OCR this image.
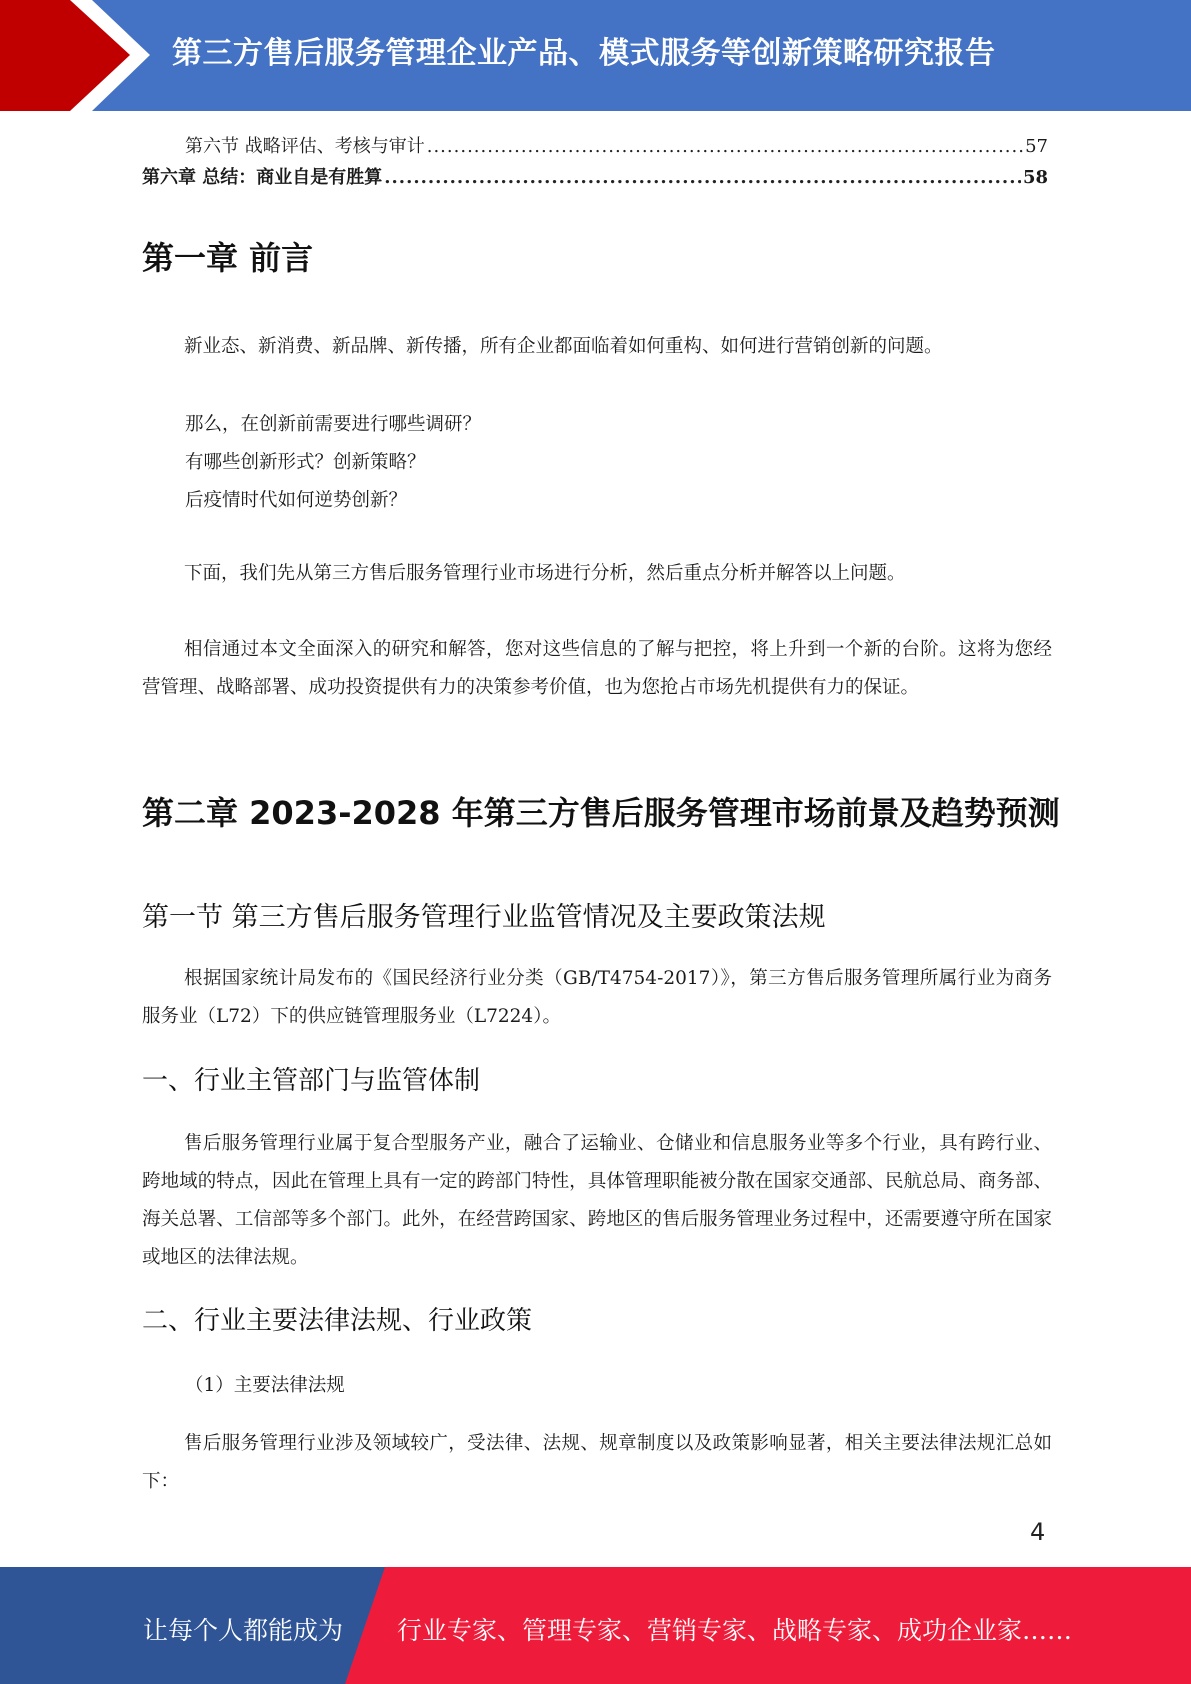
第三方售后服务管理企业产品、模式服务等创新策略研究报告
第六节 战略评估、考核与审计 .....	57
第六章 总结：商业自是有胜算 .....	58
第一章 前言

新业态、新消费、新品牌、新传播，所有企业都面临着如何重构、如何进行营销创新的问题。

那么，在创新前需要进行哪些调研？
有哪些创新形式？创新策略？
后疫情时代如何逆势创新？

下面，我们先从第三方售后服务管理行业市场进行分析，然后重点分析并解答以上问题。

相信通过本文全面深入的研究和解答，您对这些信息的了解与把控，将上升到一个新的台阶。这将为您经营管理、战略部署、成功投资提供有力的决策参考价值，也为您抢占市场先机提供有力的保证。

第二章 2023-2028 年第三方售后服务管理市场前景及趋势预测
第一节 第三方售后服务管理行业监管情况及主要政策法规

根据国家统计局发布的《国民经济行业分类（GB/T4754-2017）》，第三方售后服务管理所属行业为商务服务业（L72）下的供应链管理服务业（L7224）。

一、行业主管部门与监管体制

售后服务管理行业属于复合型服务产业，融合了运输业、仓储业和信息服务业等多个行业，具有跨行业、跨地域的特点，因此在管理上具有一定的跨部门特性，具体管理职能被分散在国家交通部、民航总局、商务部、海关总署、工信部等多个部门。此外，在经营跨国家、跨地区的售后服务管理业务过程中，还需要遵守所在国家或地区的法律法规。

二、行业主要法律法规、行业政策
（1）主要法律法规

售后服务管理行业涉及领域较广，受法律、法规、规章制度以及政策影响显著，相关主要法律法规汇总如下：

4
让每个人都能成为 行业专家、管理专家、营销专家、战略专家、成功企业家……
